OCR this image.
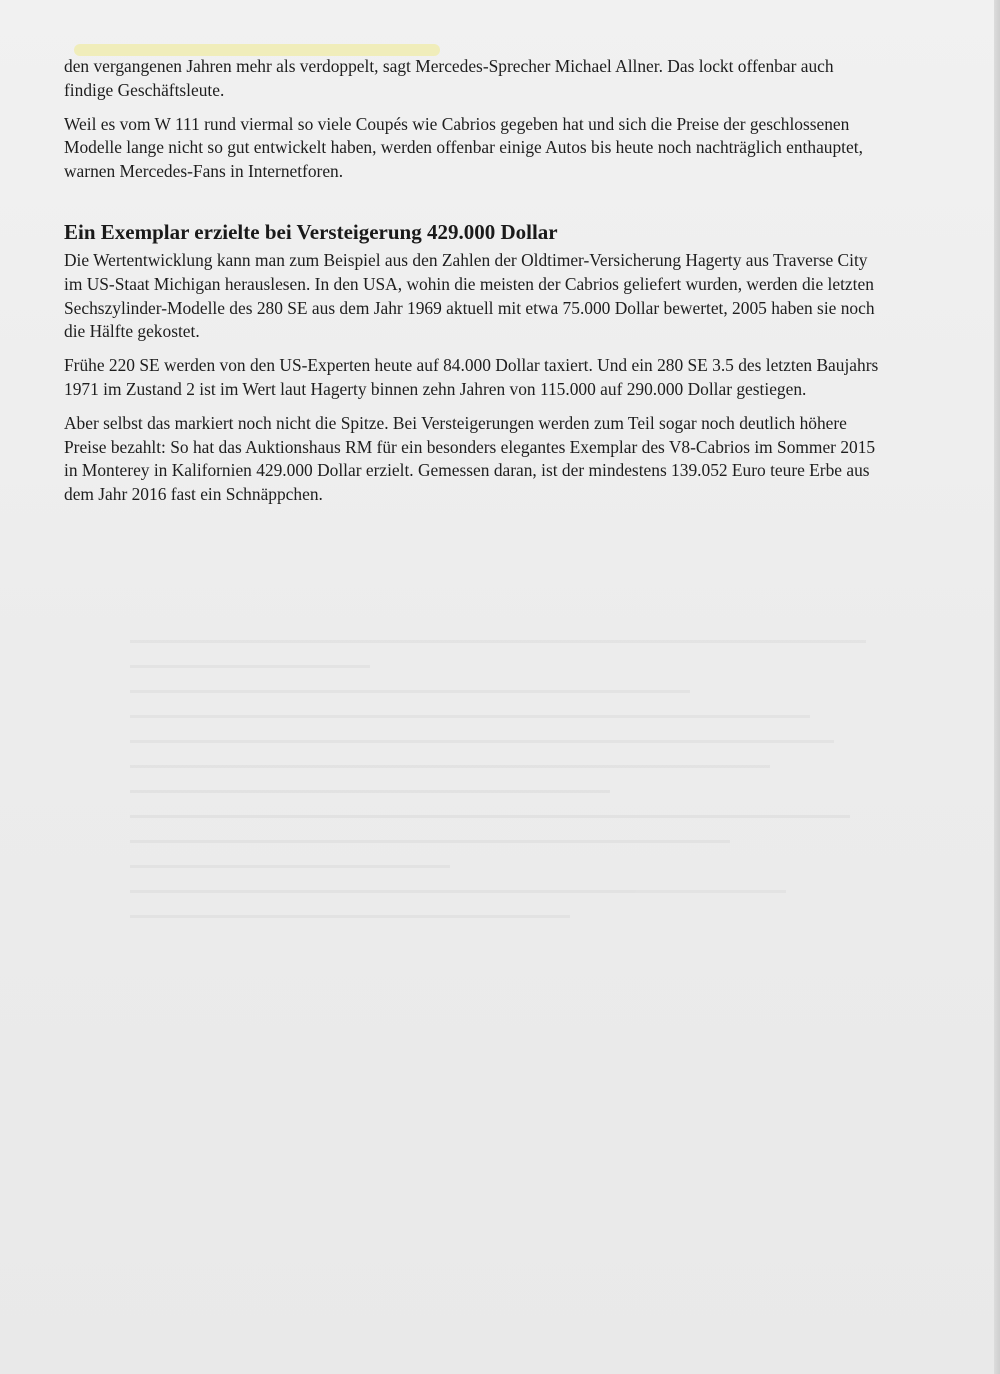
den vergangenen Jahren mehr als verdoppelt, sagt Mercedes-Sprecher Michael Allner. Das lockt offenbar auch findige Geschäftsleute.

Weil es vom W 111 rund viermal so viele Coupés wie Cabrios gegeben hat und sich die Preise der geschlossenen Modelle lange nicht so gut entwickelt haben, werden offenbar einige Autos bis heute noch nachträglich enthauptet, warnen Mercedes-Fans in Internetforen.

Ein Exemplar erzielte bei Versteigerung 429.000 Dollar

Die Wertentwicklung kann man zum Beispiel aus den Zahlen der Oldtimer-Versicherung Hagerty aus Traverse City im US-Staat Michigan herauslesen. In den USA, wohin die meisten der Cabrios geliefert wurden, werden die letzten Sechszylinder-Modelle des 280 SE aus dem Jahr 1969 aktuell mit etwa 75.000 Dollar bewertet, 2005 haben sie noch die Hälfte gekostet.

Frühe 220 SE werden von den US-Experten heute auf 84.000 Dollar taxiert. Und ein 280 SE 3.5 des letzten Baujahrs 1971 im Zustand 2 ist im Wert laut Hagerty binnen zehn Jahren von 115.000 auf 290.000 Dollar gestiegen.

Aber selbst das markiert noch nicht die Spitze. Bei Versteigerungen werden zum Teil sogar noch deutlich höhere Preise bezahlt: So hat das Auktionshaus RM für ein besonders elegantes Exemplar des V8-Cabrios im Sommer 2015 in Monterey in Kalifornien 429.000 Dollar erzielt. Gemessen daran, ist der mindestens 139.052 Euro teure Erbe aus dem Jahr 2016 fast ein Schnäppchen.
